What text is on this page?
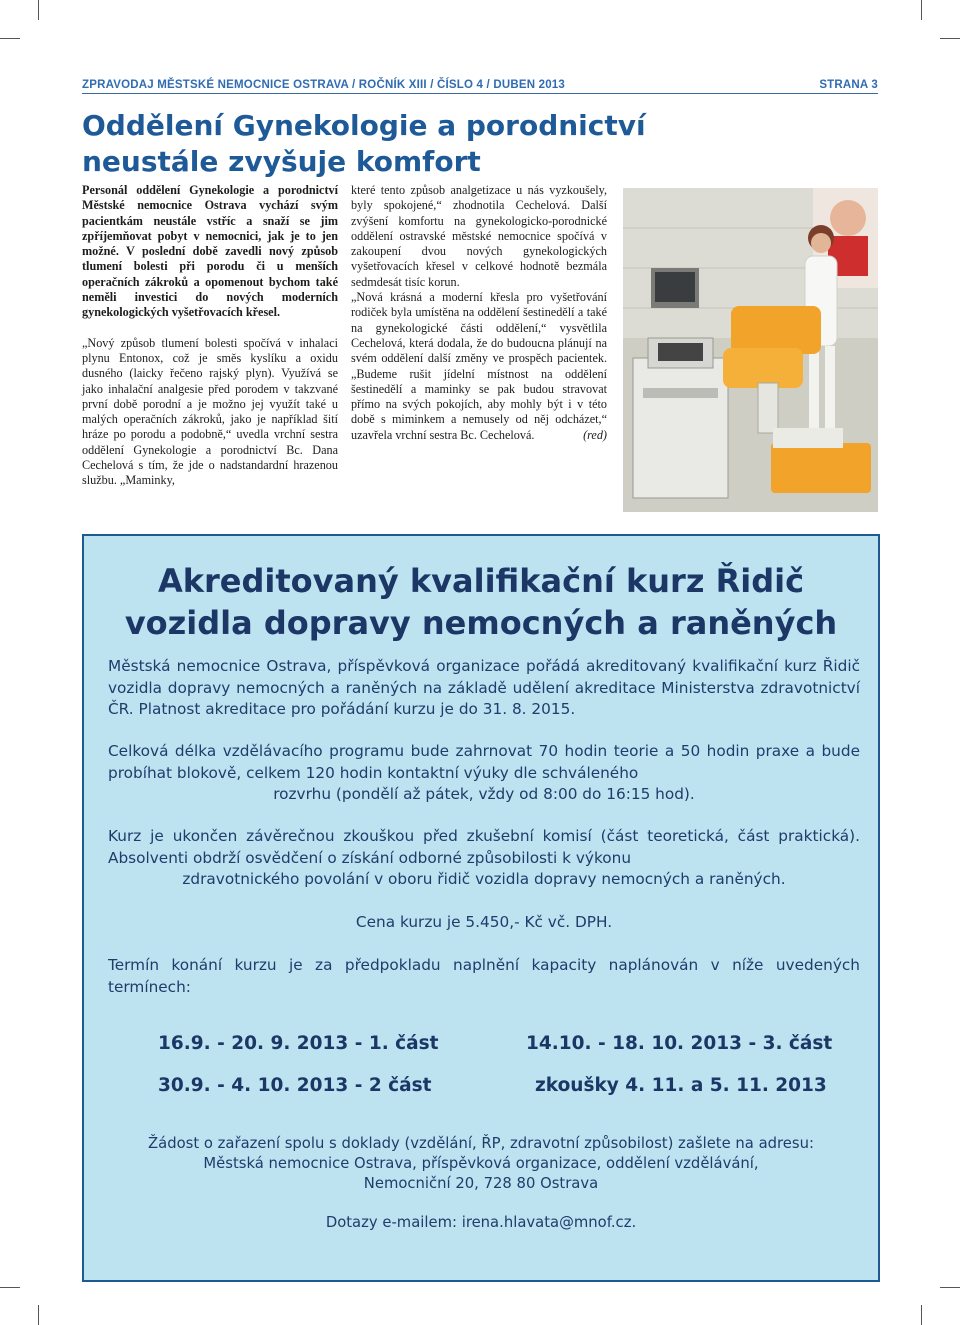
ZPRAVODAJ MĚSTSKÉ NEMOCNICE OSTRAVA / ROČNÍK XIII / ČÍSLO 4 / DUBEN 2013	STRANA 3
Oddělení Gynekologie a porodnictví
neustále zvyšuje komfort

Personál oddělení Gynekologie a porodnictví Městské nemocnice Ostrava vychází svým pacientkám neustále vstříc a snaží se jim zpříjemňovat pobyt v nemocnici, jak je to jen možné. V poslední době zavedli nový způsob tlumení bolesti při porodu či u menších operačních zákroků a opomenout bychom také neměli investici do nových moderních gynekologických vyšetřovacích křesel.

„Nový způsob tlumení bolesti spočívá v inhalaci plynu Entonox, což je směs kyslíku a oxidu dusného (laicky řečeno rajský plyn). Využívá se jako inhalační analgesie před porodem v takzvané první době porodní a je možno jej využít také u malých operačních zákroků, jako je například šití hráze po porodu a podobně,“ uvedla vrchní sestra oddělení Gynekologie a porodnictví Bc. Dana Cechelová s tím, že jde o nadstandardní hrazenou službu. „Maminky,

které tento způsob analgetizace u nás vyzkoušely, byly spokojené,“ zhodnotila Cechelová. Další zvýšení komfortu na gynekologicko-porodnické oddělení ostravské městské nemocnice spočívá v zakoupení dvou nových gynekologických vyšetřovacích křesel v celkové hodnotě bezmála sedmdesát tisíc korun.

„Nová krásná a moderní křesla pro vyšetřování rodiček byla umístěna na oddělení šestinedělí a také na gynekologické části oddělení,“ vysvětlila Cechelová, která dodala, že do budoucna plánují na svém oddělení další změny ve prospěch pacientek. „Budeme rušit jídelní místnost na oddělení šestinedělí a maminky se pak budou stravovat přímo na svých pokojích, aby mohly být i v této době s miminkem a nemusely od něj odcházet,“ uzavřela vrchní sestra Bc. Cechelová.	(red)

Akreditovaný kvalifikační kurz Řidič
vozidla dopravy nemocných a raněných

Městská nemocnice Ostrava, příspěvková organizace pořádá akreditovaný kvalifikační kurz Řidič vozidla dopravy nemocných a raněných na základě udělení akreditace Ministerstva zdravotnictví ČR. Platnost akreditace pro pořádání kurzu je do 31. 8. 2015.

Celková délka vzdělávacího programu bude zahrnovat 70 hodin teorie a 50 hodin praxe a bude probíhat blokově, celkem 120 hodin kontaktní výuky dle schváleného
rozvrhu (pondělí až pátek, vždy od 8:00 do 16:15 hod).

Kurz je ukončen závěrečnou zkouškou před zkušební komisí (část teoretická, část praktická). Absolventi obdrží osvědčení o získání odborné způsobilosti k výkonu
zdravotnického povolání v oboru řidič vozidla dopravy nemocných a raněných.

Cena kurzu je 5.450,- Kč vč. DPH.

Termín konání kurzu je za předpokladu naplnění kapacity naplánován v níže uvedených termínech:

16.9. - 20. 9. 2013 - 1. část	14.10. - 18. 10. 2013 - 3. část
30.9. - 4. 10. 2013 - 2 část	zkoušky 4. 11. a 5. 11. 2013
Žádost o zařazení spolu s doklady (vzdělání, ŘP, zdravotní způsobilost) zašlete na adresu:
Městská nemocnice Ostrava, příspěvková organizace, oddělení vzdělávání,
Nemocniční 20, 728 80 Ostrava
Dotazy e-mailem: irena.hlavata@mnof.cz.
